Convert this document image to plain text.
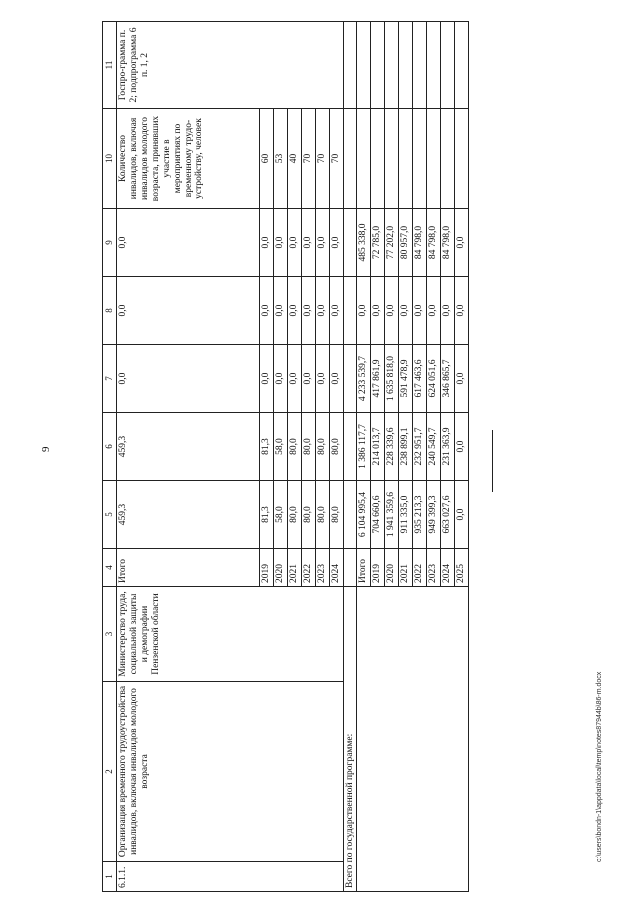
9
c:\users\bondn-1\appdata\local\temp\notes87944b\86-m.docx
1	2	3	4	5	6	7	8	9	10	11
6.1.1.	Организация временного трудоустройства инвалидов, включая инвалидов молодого возраста	Министерство труда, социальной защиты и демографии Пензенской области	Итого	459,3	459,3	0,0	0,0	0,0	Количество инвалидов, включая инвалидов молодого возраста, принявших участие в мероприятиях по временному трудо-устройству, человек	Госпро-грамма п. 2; подпрограмма 6 п. 1, 2
			2019	81,3	81,3	0,0	0,0	0,0	60	
			2020	58,0	58,0	0,0	0,0	0,0	53	
			2021	80,0	80,0	0,0	0,0	0,0	40	
			2022	80,0	80,0	0,0	0,0	0,0	70	
			2023	80,0	80,0	0,0	0,0	0,0	70	
			2024	80,0	80,0	0,0	0,0	0,0	70	
Всего по государственной программе:										
			Итого	6 104 995,4	1 386 117,7	4 233 539,7	0,0	485 338,0		
			2019	704 660,6	214 013,7	417 861,9	0,0	72 785,0		
			2020	1 941 359,6	228 339,6	1 635 818,0	0,0	77 202,0		
			2021	911 335,0	238 899,1	591 478,9	0,0	80 957,0		
			2022	935 213,3	232 951,7	617 463,6	0,0	84 798,0		
			2023	949 399,3	240 549,7	624 051,6	0,0	84 798,0		
			2024	663 027,6	231 363,9	346 865,7	0,0	84 798,0		
			2025	0,0	0,0	0,0	0,0	0,0		
